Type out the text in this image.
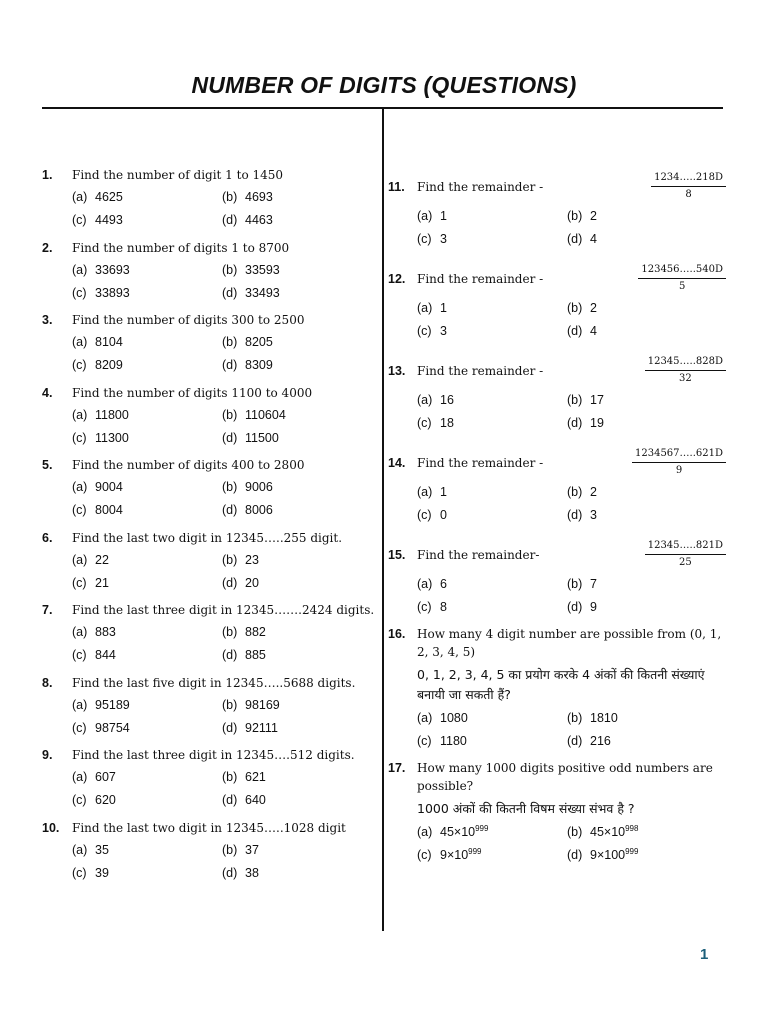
NUMBER OF DIGITS (QUESTIONS)
1.	Find the number of digit 1 to 1450
(a) 4625	(b) 4693
(c) 4493	(d) 4463
2.	Find the number of digits 1 to 8700
(a) 33693	(b) 33593
(c) 33893	(d) 33493
3.	Find the number of digits 300 to 2500
(a) 8104	(b) 8205
(c) 8209	(d) 8309
4.	Find the number of digits 1100 to 4000
(a) 11800	(b) 110604
(c) 11300	(d) 11500
5.	Find the number of digits 400 to 2800
(a) 9004	(b) 9006
(c) 8004	(d) 8006
6.	Find the last two digit in 12345…..255 digit.
(a) 22	(b) 23
(c) 21	(d) 20
7.	Find the last three digit in 12345…….2424 digits.
(a) 883	(b) 882
(c) 844	(d) 885
8.	Find the last five digit in 12345…..5688 digits.
(a) 95189	(b) 98169
(c) 98754	(d) 92111
9.	Find the last three digit in 12345….512 digits.
(a) 607	(b) 621
(c) 620	(d) 640
10.	Find the last two digit in 12345…..1028 digit
(a) 35	(b) 37
(c) 39	(d) 38
11.	Find the remainder -	$\frac{1234\dots..218D}{8}$
(a) 1	(b) 2
(c) 3	(d) 4
12. Find the remainder -	$\frac{123456\dots..540D}{5}$
(a) 1	(b) 2
(c) 3	(d) 4
13. Find the remainder -	$\frac{12345\dots..828D}{32}$
(a) 16	(b) 17
(c) 18	(d) 19
14. Find the remainder -	$\frac{1234567\dots..621D}{9}$
(a) 1	(b) 2
(c) 0	(d) 3
15. Find the remainder-	$\frac{12345\dots..821D}{25}$
(a) 6	(b) 7
(c) 8	(d) 9
16. How many 4 digit number are possible from (0, 1, 2, 3, 4, 5)
0, 1, 2, 3, 4, 5 का प्रयोग करके 4 अंकों की कितनी संख्याएं बनायी जा सकती हैं?
(a) 1080	(b) 1810
(c) 1180	(d) 216
17. How many 1000 digits positive odd numbers are possible?
1000 अंकों की कितनी विषम संख्या संभव है ?
(a) $45\times 10^{999}$	(b) $45\times 10^{998}$
(c) $9\times 10^{999}$	(d) $9\times 100^{999}$
1
